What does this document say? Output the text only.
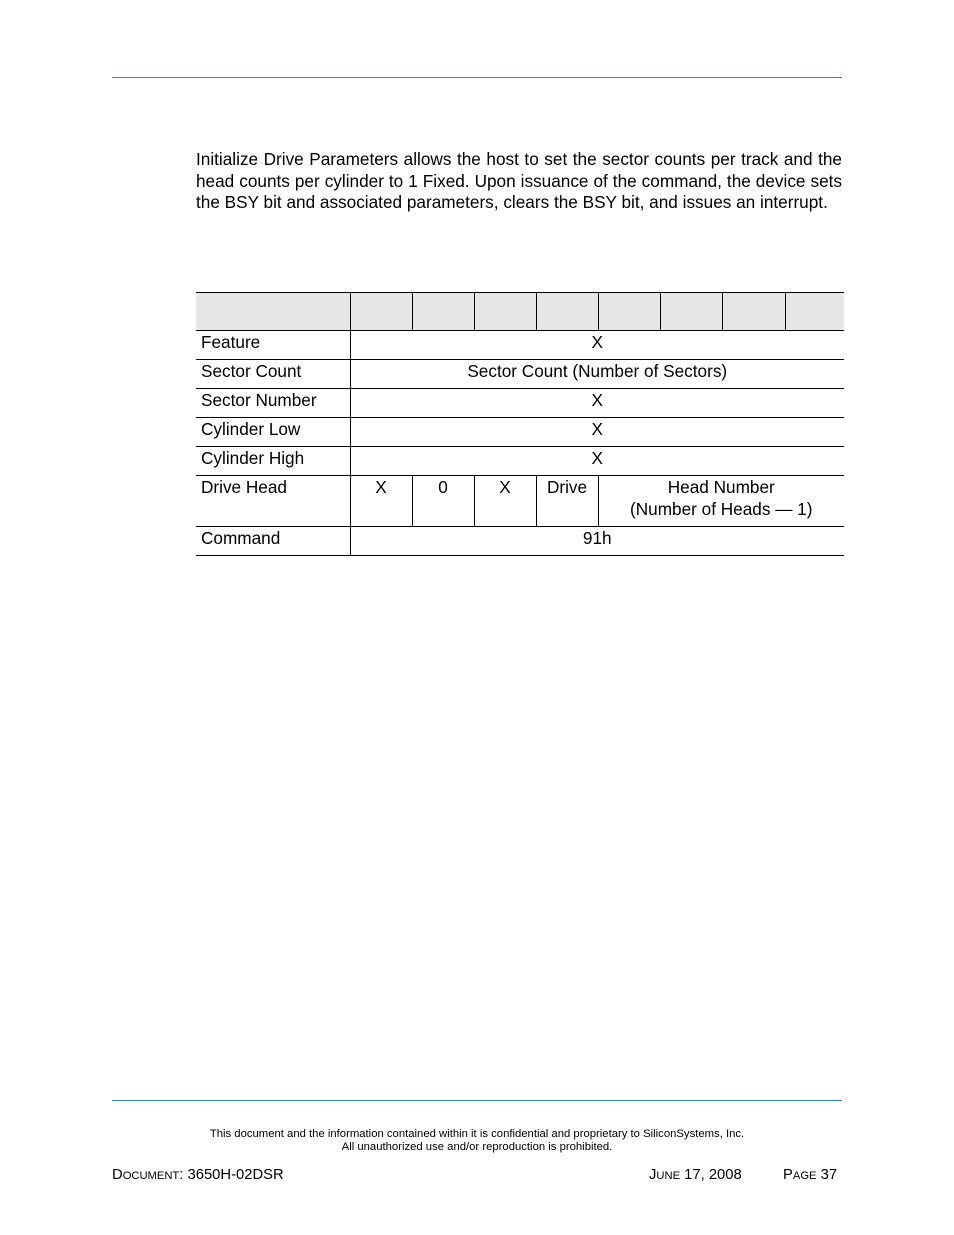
Initialize Drive Parameters allows the host to set the sector counts per track and the head counts per cylinder to 1 Fixed. Upon issuance of the command, the device sets the BSY bit and associated parameters, clears the BSY bit, and issues an interrupt.

Feature	X							
Sector Count	Sector Count (Number of Sectors)							
Sector Number	X							
Cylinder Low	X							
Cylinder High	X							
Drive Head	X	0	X	Drive	Head Number
(Number of Heads — 1)			

Command	91h							
This document and the information contained within it is confidential and proprietary to SiliconSystems, Inc.
All unauthorized use and/or reproduction is prohibited.
DOCUMENT: 3650H-02DSR	JUNE 17, 2008	PAGE 37
